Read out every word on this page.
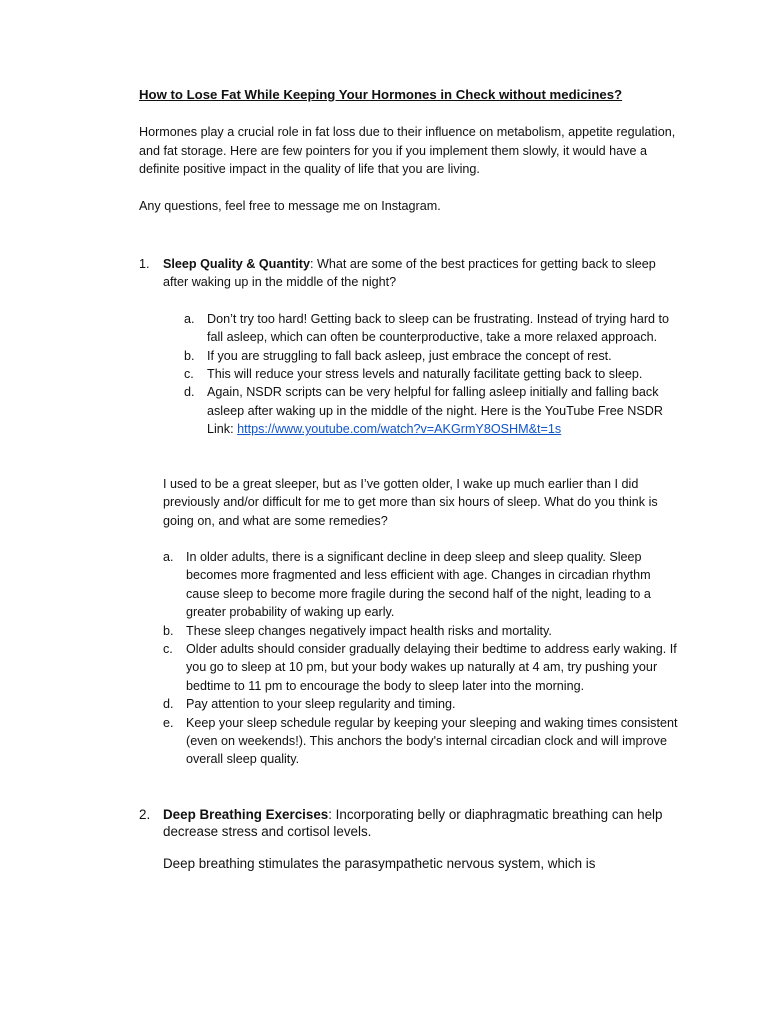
How to Lose Fat While Keeping Your Hormones in Check without medicines?

Hormones play a crucial role in fat loss due to their influence on metabolism, appetite regulation, and fat storage. Here are few pointers for you if you implement them slowly, it would have a definite positive impact in the quality of life that you are living.

Any questions, feel free to message me on Instagram.

1. Sleep Quality & Quantity: What are some of the best practices for getting back to sleep after waking up in the middle of the night?
a. Don’t try too hard! Getting back to sleep can be frustrating. Instead of trying hard to fall asleep, which can often be counterproductive, take a more relaxed approach.
b. If you are struggling to fall back asleep, just embrace the concept of rest.
c. This will reduce your stress levels and naturally facilitate getting back to sleep.
d. Again, NSDR scripts can be very helpful for falling asleep initially and falling back asleep after waking up in the middle of the night. Here is the YouTube Free NSDR Link: https://www.youtube.com/watch?v=AKGrmY8OSHM&t=1s

I used to be a great sleeper, but as I’ve gotten older, I wake up much earlier than I did previously and/or difficult for me to get more than six hours of sleep. What do you think is going on, and what are some remedies?

a. In older adults, there is a significant decline in deep sleep and sleep quality. Sleep becomes more fragmented and less efficient with age. Changes in circadian rhythm cause sleep to become more fragile during the second half of the night, leading to a greater probability of waking up early.
b. These sleep changes negatively impact health risks and mortality.
c. Older adults should consider gradually delaying their bedtime to address early waking. If you go to sleep at 10 pm, but your body wakes up naturally at 4 am, try pushing your bedtime to 11 pm to encourage the body to sleep later into the morning.
d. Pay attention to your sleep regularity and timing.
e. Keep your sleep schedule regular by keeping your sleeping and waking times consistent (even on weekends!). This anchors the body's internal circadian clock and will improve overall sleep quality.
2. Deep Breathing Exercises: Incorporating belly or diaphragmatic breathing can help decrease stress and cortisol levels.

Deep breathing stimulates the parasympathetic nervous system, which is
